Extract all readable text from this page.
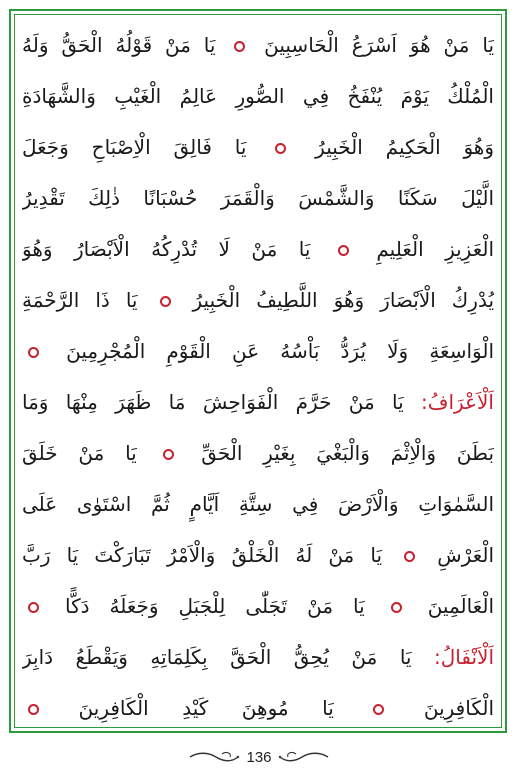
يَا مَنْ هُوَ اَسْرَعُ الْحَاسِبِينَ  يَا مَنْ قَوْلُهُ الْحَقُّ وَلَهُ
الْمُلْكُ يَوْمَ يُنْفَخُ فِي الصُّورِ عَالِمُ الْغَيْبِ وَالشَّهَادَةِ
وَهُوَ الْحَكِيمُ الْخَبِيرُ  يَا فَالِقَ الْاِصْبَاحِ وَجَعَلَ
الَّيْلَ سَكَنًا وَالشَّمْسَ وَالْقَمَرَ حُسْبَانًا ذٰلِكَ تَقْدِيرُ
الْعَزِيزِ الْعَلِيمِ  يَا مَنْ لَا تُدْرِكُهُ الْاَبْصَارُ وَهُوَ
يُدْرِكُ الْاَبْصَارَ وَهُوَ اللَّطِيفُ الْخَبِيرُ  يَا ذَا الرَّحْمَةِ
الْوَاسِعَةِ وَلَا يُرَدُّ بَاْسُهُ عَنِ الْقَوْمِ الْمُجْرِمِينَ
اَلْاَعْرَافُ: يَا مَنْ حَرَّمَ الْفَوَاحِشَ مَا ظَهَرَ مِنْهَا وَمَا
بَطَنَ وَالْاِثْمَ وَالْبَغْيَ بِغَيْرِ الْحَقِّ  يَا مَنْ خَلَقَ
السَّمٰوَاتِ وَالْاَرْضَ فِي سِتَّةِ اَيَّامٍ ثُمَّ اسْتَوٰى عَلَى
الْعَرْشِ  يَا مَنْ لَهُ الْخَلْقُ وَالْاَمْرُ تَبَارَكْتَ يَا رَبَّ
الْعَالَمِينَ  يَا مَنْ تَجَلّٰى لِلْجَبَلِ وَجَعَلَهُ دَكًّا
اَلْاَنْفَالُ: يَا مَنْ يُحِقُّ الْحَقَّ بِكَلِمَاتِهِ وَيَقْطَعُ دَابِرَ
الْكَافِرِينَ  يَا مُوهِنَ كَيْدِ الْكَافِرِينَ
136
